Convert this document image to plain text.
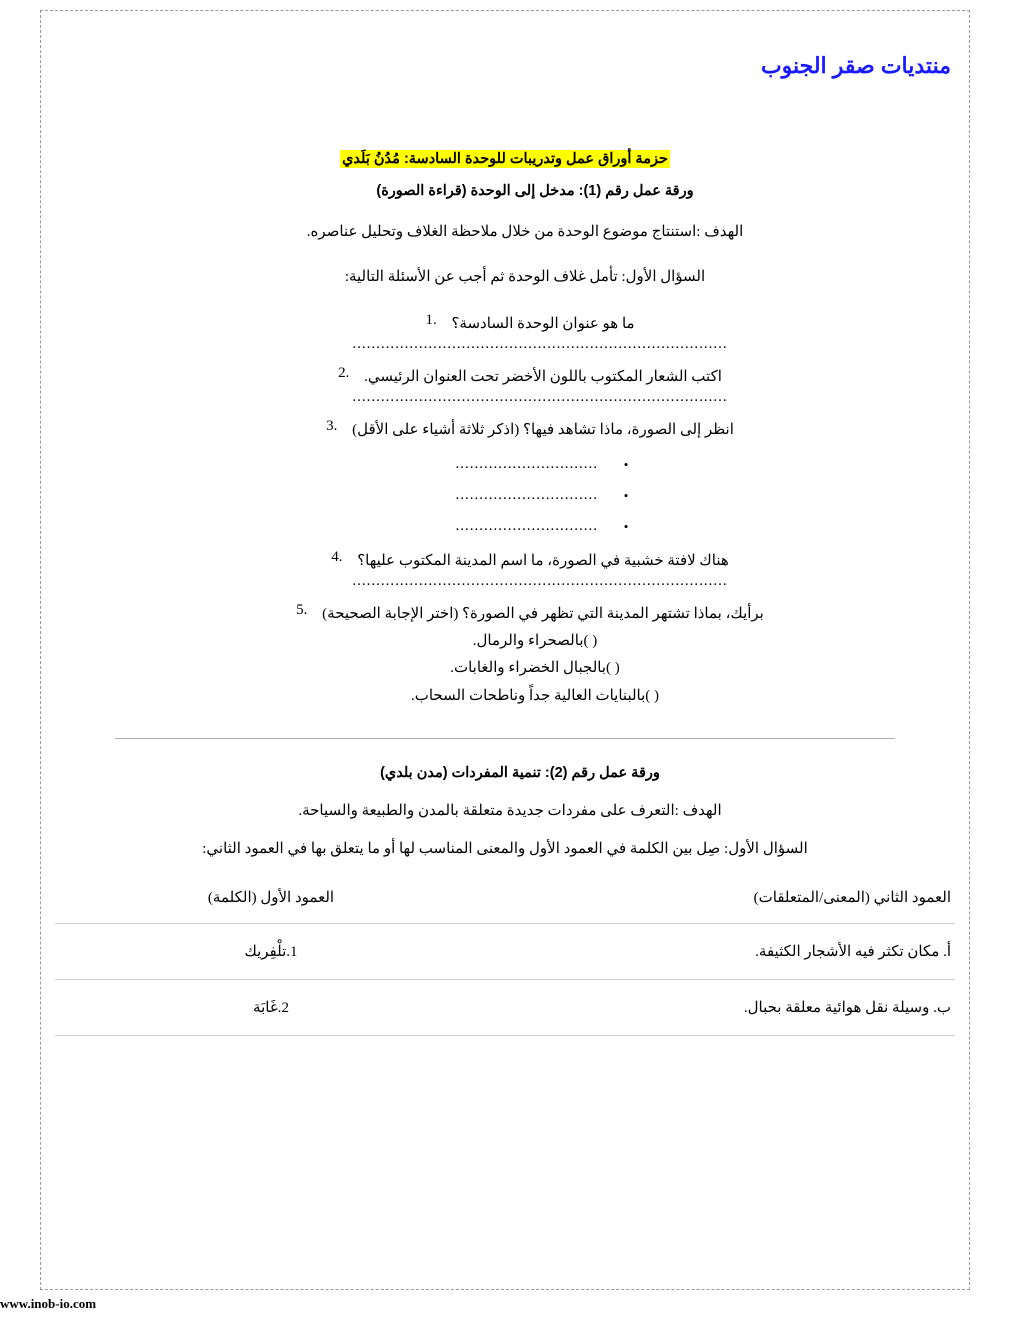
منتديات صقر الجنوب
حزمة أوراق عمل وتدريبات للوحدة السادسة: مُدُنُ بَلَدي
ورقة عمل رقم (1): مدخل إلى الوحدة (قراءة الصورة)
الهدف :استنتاج موضوع الوحدة من خلال ملاحظة الغلاف وتحليل عناصره.
السؤال الأول: تأمل غلاف الوحدة ثم أجب عن الأسئلة التالية:
ما هو عنوان الوحدة السادسة؟
1.
...............................................................................
اكتب الشعار المكتوب باللون الأخضر تحت العنوان الرئيسي.
2.
...............................................................................
انظر إلى الصورة، ماذا تشاهد فيها؟ (اذكر ثلاثة أشياء على الأقل)
3.
•
..............................
•
..............................
•
..............................
هناك لافتة خشبية في الصورة، ما اسم المدينة المكتوب عليها؟
4.
...............................................................................
برأيك، بماذا تشتهر المدينة التي تظهر في الصورة؟ (اختر الإجابة الصحيحة)
5.
( )بالصحراء والرمال.
( )بالجبال الخضراء والغابات.
( )بالبنايات العالية جداً وناطحات السحاب.
ورقة عمل رقم (2): تنمية المفردات (مدن بلدي)
الهدف :التعرف على مفردات جديدة متعلقة بالمدن والطبيعة والسياحة.
السؤال الأول: صِل بين الكلمة في العمود الأول والمعنى المناسب لها أو ما يتعلق بها في العمود الثاني:
العمود الثاني (المعنى/المتعلقات)	العمود الأول (الكلمة)
أ. مكان تكثر فيه الأشجار الكثيفة.	1.تلْفِريك
ب. وسيلة نقل هوائية معلقة بحبال.	2.غَابَة
www.inob-io.com
